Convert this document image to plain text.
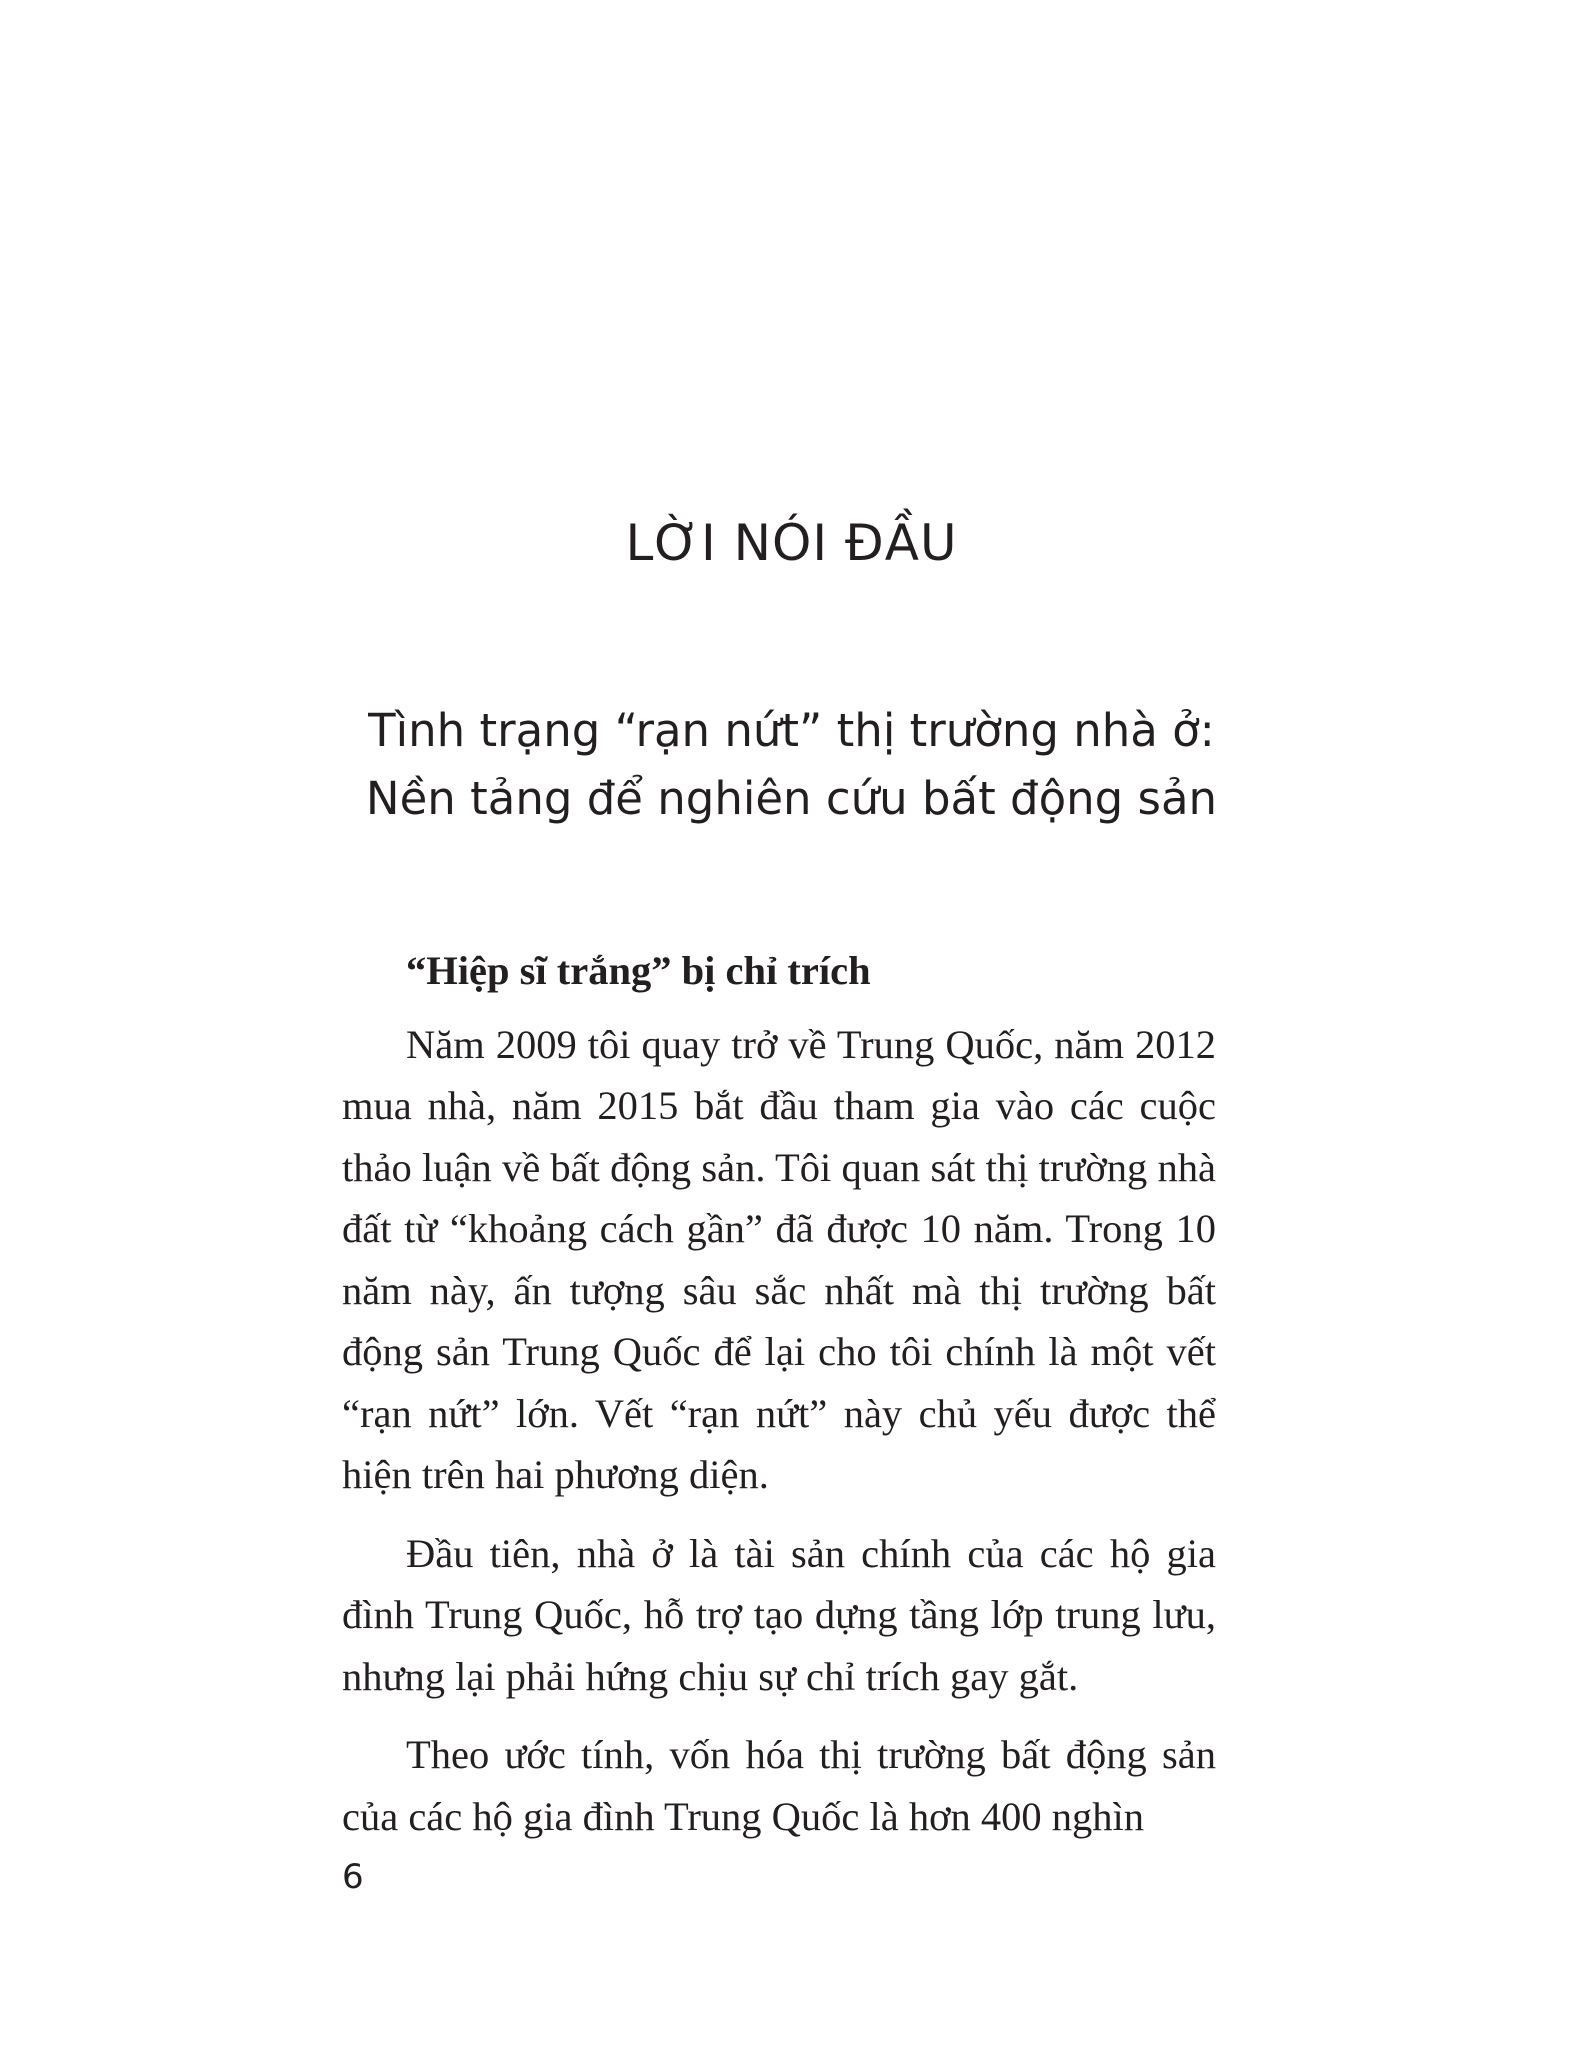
LỜI NÓI ĐẦU
Tình trạng “rạn nứt” thị trường nhà ở:
Nền tảng để nghiên cứu bất động sản

“Hiệp sĩ trắng” bị chỉ trích

Năm 2009 tôi quay trở về Trung Quốc, năm 2012 mua nhà, năm 2015 bắt đầu tham gia vào các cuộc thảo luận về bất động sản. Tôi quan sát thị trường nhà đất từ “khoảng cách gần” đã được 10 năm. Trong 10 năm này, ấn tượng sâu sắc nhất mà thị trường bất động sản Trung Quốc để lại cho tôi chính là một vết “rạn nứt” lớn. Vết “rạn nứt” này chủ yếu được thể hiện trên hai phương diện.

Đầu tiên, nhà ở là tài sản chính của các hộ gia đình Trung Quốc, hỗ trợ tạo dựng tầng lớp trung lưu, nhưng lại phải hứng chịu sự chỉ trích gay gắt.

Theo ước tính, vốn hóa thị trường bất động sản của các hộ gia đình Trung Quốc là hơn 400 nghìn

6
